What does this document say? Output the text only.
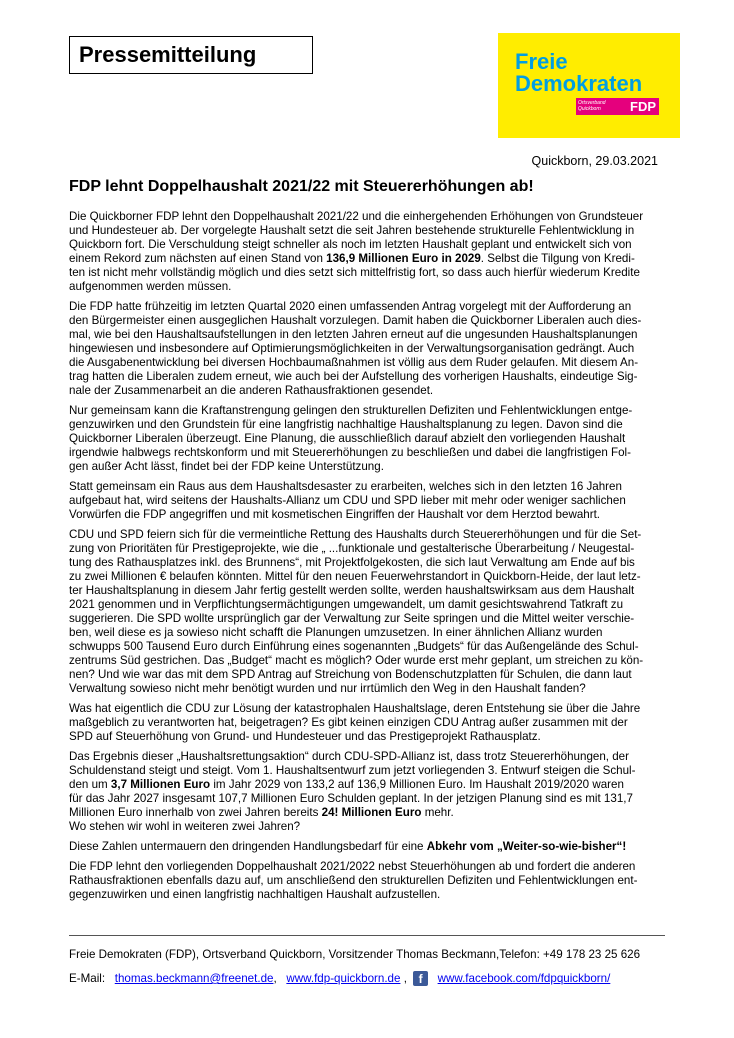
Pressemitteilung	Freie
Demokraten
Ortsverband
Quickborn FDP
Quickborn, 29.03.2021
FDP lehnt Doppelhaushalt 2021/22 mit Steuererhöhungen ab!
Die Quickborner FDP lehnt den Doppelhaushalt 2021/22 und die einhergehenden Erhöhungen von Grundsteuer
und Hundesteuer ab. Der vorgelegte Haushalt setzt die seit Jahren bestehende strukturelle Fehlentwicklung in
Quickborn fort. Die Verschuldung steigt schneller als noch im letzten Haushalt geplant und entwickelt sich von
einem Rekord zum nächsten auf einen Stand von 136,9 Millionen Euro in 2029. Selbst die Tilgung von Kredi-
ten ist nicht mehr vollständig möglich und dies setzt sich mittelfristig fort, so dass auch hierfür wiederum Kredite
aufgenommen werden müssen.
Die FDP hatte frühzeitig im letzten Quartal 2020 einen umfassenden Antrag vorgelegt mit der Aufforderung an
den Bürgermeister einen ausgeglichen Haushalt vorzulegen. Damit haben die Quickborner Liberalen auch dies-
mal, wie bei den Haushaltsaufstellungen in den letzten Jahren erneut auf die ungesunden Haushaltsplanungen
hingewiesen und insbesondere auf Optimierungsmöglichkeiten in der Verwaltungsorganisation gedrängt. Auch
die Ausgabenentwicklung bei diversen Hochbaumaßnahmen ist völlig aus dem Ruder gelaufen. Mit diesem An-
trag hatten die Liberalen zudem erneut, wie auch bei der Aufstellung des vorherigen Haushalts, eindeutige Sig-
nale der Zusammenarbeit an die anderen Rathausfraktionen gesendet.
Nur gemeinsam kann die Kraftanstrengung gelingen den strukturellen Defiziten und Fehlentwicklungen entge-
genzuwirken und den Grundstein für eine langfristig nachhaltige Haushaltsplanung zu legen. Davon sind die
Quickborner Liberalen überzeugt. Eine Planung, die ausschließlich darauf abzielt den vorliegenden Haushalt
irgendwie halbwegs rechtskonform und mit Steuererhöhungen zu beschließen und dabei die langfristigen Fol-
gen außer Acht lässt, findet bei der FDP keine Unterstützung.
Statt gemeinsam ein Raus aus dem Haushaltsdesaster zu erarbeiten, welches sich in den letzten 16 Jahren
aufgebaut hat, wird seitens der Haushalts-Allianz um CDU und SPD lieber mit mehr oder weniger sachlichen
Vorwürfen die FDP angegriffen und mit kosmetischen Eingriffen der Haushalt vor dem Herztod bewahrt.
CDU und SPD feiern sich für die vermeintliche Rettung des Haushalts durch Steuererhöhungen und für die Set-
zung von Prioritäten für Prestigeprojekte, wie die „ ...funktionale und gestalterische Überarbeitung / Neugestal-
tung des Rathausplatzes inkl. des Brunnens“, mit Projektfolgekosten, die sich laut Verwaltung am Ende auf bis
zu zwei Millionen € belaufen könnten. Mittel für den neuen Feuerwehrstandort in Quickborn-Heide, der laut letz-
ter Haushaltsplanung in diesem Jahr fertig gestellt werden sollte, werden haushaltswirksam aus dem Haushalt
2021 genommen und in Verpflichtungsermächtigungen umgewandelt, um damit gesichtswahrend Tatkraft zu
suggerieren. Die SPD wollte ursprünglich gar der Verwaltung zur Seite springen und die Mittel weiter verschie-
ben, weil diese es ja sowieso nicht schafft die Planungen umzusetzen. In einer ähnlichen Allianz wurden
schwupps 500 Tausend Euro durch Einführung eines sogenannten „Budgets“ für das Außengelände des Schul-
zentrums Süd gestrichen. Das „Budget“ macht es möglich? Oder wurde erst mehr geplant, um streichen zu kön-
nen? Und wie war das mit dem SPD Antrag auf Streichung von Bodenschutzplatten für Schulen, die dann laut
Verwaltung sowieso nicht mehr benötigt wurden und nur irrtümlich den Weg in den Haushalt fanden?
Was hat eigentlich die CDU zur Lösung der katastrophalen Haushaltslage, deren Entstehung sie über die Jahre
maßgeblich zu verantworten hat, beigetragen? Es gibt keinen einzigen CDU Antrag außer zusammen mit der
SPD auf Steuerhöhung von Grund- und Hundesteuer und das Prestigeprojekt Rathausplatz.
Das Ergebnis dieser „Haushaltsrettungsaktion“ durch CDU-SPD-Allianz ist, dass trotz Steuererhöhungen, der
Schuldenstand steigt und steigt. Vom 1. Haushaltsentwurf zum jetzt vorliegenden 3. Entwurf steigen die Schul-
den um 3,7 Millionen Euro im Jahr 2029 von 133,2 auf 136,9 Millionen Euro. Im Haushalt 2019/2020 waren
für das Jahr 2027 insgesamt 107,7 Millionen Euro Schulden geplant. In der jetzigen Planung sind es mit 131,7
Millionen Euro innerhalb von zwei Jahren bereits 24! Millionen Euro mehr.
Wo stehen wir wohl in weiteren zwei Jahren?
Diese Zahlen untermauern den dringenden Handlungsbedarf für eine Abkehr vom „Weiter-so-wie-bisher“!
Die FDP lehnt den vorliegenden Doppelhaushalt 2021/2022 nebst Steuerhöhungen ab und fordert die anderen
Rathausfraktionen ebenfalls dazu auf, um anschließend den strukturellen Defiziten und Fehlentwicklungen ent-
gegenzuwirken und einen langfristig nachhaltigen Haushalt aufzustellen.
Freie Demokraten (FDP), Ortsverband Quickborn, Vorsitzender Thomas Beckmann,Telefon: +49 178 23 25 626
E-Mail: thomas.beckmann@freenet.de, www.fdp-quickborn.de , f www.facebook.com/fdpquickborn/
